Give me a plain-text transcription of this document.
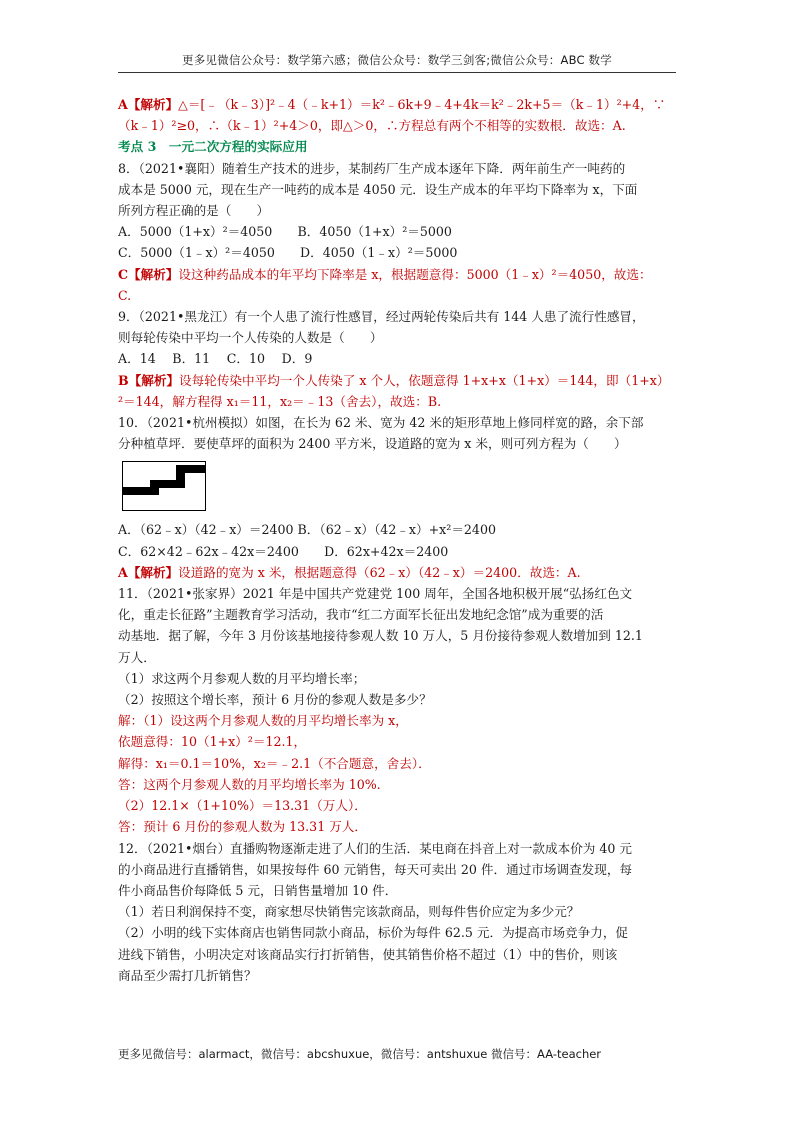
更多见微信公众号：数学第六感；微信公众号：数学三剑客;微信公众号：ABC 数学
A【解析】△＝[﹣（k﹣3）]²﹣4（﹣k+1）＝k²﹣6k+9﹣4+4k＝k²﹣2k+5＝（k﹣1）²+4，∵
（k﹣1）²≥0，∴（k﹣1）²+4＞0，即△＞0，∴方程总有两个不相等的实数根．故选：A.
考点 3　一元二次方程的实际应用
8．（2021•襄阳）随着生产技术的进步，某制药厂生产成本逐年下降．两年前生产一吨药的
成本是 5000 元，现在生产一吨药的成本是 4050 元．设生产成本的年平均下降率为 x，下面
所列方程正确的是（　　）
A．5000（1+x）²＝4050　　B．4050（1+x）²＝5000
C．5000（1﹣x）²＝4050　　D．4050（1﹣x）²＝5000
C【解析】设这种药品成本的年平均下降率是 x，根据题意得：5000（1﹣x）²＝4050，故选：
C.
9．（2021•黑龙江）有一个人患了流行性感冒，经过两轮传染后共有 144 人患了流行性感冒，
则每轮传染中平均一个人传染的人数是（　　）
A．14　 B．11　 C．10　 D．9
B【解析】设每轮传染中平均一个人传染了 x 个人，依题意得 1+x+x（1+x）＝144，即（1+x）
²＝144，解方程得 x₁＝11，x₂＝﹣13（舍去），故选：B.
10．（2021•杭州模拟）如图，在长为 62 米、宽为 42 米的矩形草地上修同样宽的路，余下部
分种植草坪．要使草坪的面积为 2400 平方米，设道路的宽为 x 米，则可列方程为（　　）
A．（62﹣x）（42﹣x）＝2400 B．（62﹣x）（42﹣x）+x²＝2400
C．62×42﹣62x﹣42x＝2400　　D．62x+42x＝2400
A【解析】设道路的宽为 x 米，根据题意得（62﹣x）（42﹣x）＝2400．故选：A.
11．（2021•张家界）2021 年是中国共产党建党 100 周年，全国各地积极开展“弘扬红色文
化，重走长征路”主题教育学习活动，我市“红二方面军长征出发地纪念馆”成为重要的活
动基地．据了解，今年 3 月份该基地接待参观人数 10 万人，5 月份接待参观人数增加到 12.1
万人．
（1）求这两个月参观人数的月平均增长率；
（2）按照这个增长率，预计 6 月份的参观人数是多少？
解：（1）设这两个月参观人数的月平均增长率为 x，
依题意得：10（1+x）²＝12.1，
解得：x₁＝0.1＝10%，x₂＝﹣2.1（不合题意，舍去）．
答：这两个月参观人数的月平均增长率为 10%.
（2）12.1×（1+10%）＝13.31（万人）．
答：预计 6 月份的参观人数为 13.31 万人．
12．（2021•烟台）直播购物逐渐走进了人们的生活．某电商在抖音上对一款成本价为 40 元
的小商品进行直播销售，如果按每件 60 元销售，每天可卖出 20 件．通过市场调查发现，每
件小商品售价每降低 5 元，日销售量增加 10 件．
（1）若日利润保持不变，商家想尽快销售完该款商品，则每件售价应定为多少元？
（2）小明的线下实体商店也销售同款小商品，标价为每件 62.5 元．为提高市场竞争力，促
进线下销售，小明决定对该商品实行打折销售，使其销售价格不超过（1）中的售价，则该
商品至少需打几折销售？
更多见微信号：alarmact，微信号：abcshuxue，微信号：antshuxue 微信号：AA-teacher
